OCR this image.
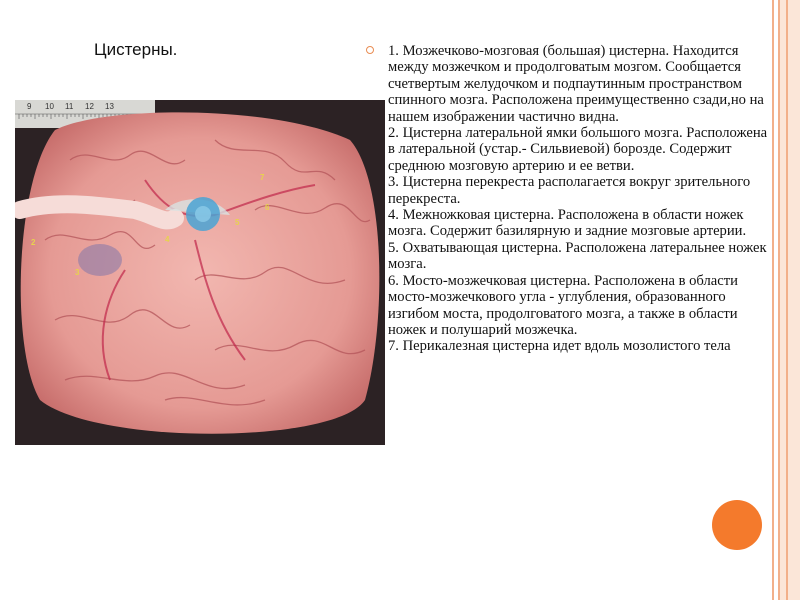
Цистерны.
9 10 11 12 13
2
3
4
5
6
7

1. Мозжечково-мозговая (большая) цистерна. Находится между мозжечком и продолговатым мозгом. Сообщается счетвертым желудочком и подпаутинным пространством спинного мозга. Расположена преимущественно сзади,но на нашем изображении частично видна.

2. Цистерна латеральной ямки большого мозга. Расположена в латеральной (устар.- Сильвиевой) борозде. Содержит среднюю мозговую артерию и ее ветви.

3. Цистерна перекреста располагается вокруг зрительного перекреста.

4. Межножковая цистерна. Расположена в области ножек мозга. Содержит базилярную и задние мозговые артерии.

5. Охватывающая цистерна. Расположена латеральнее ножек мозга.

6. Мосто-мозжечковая цистерна. Расположена в области мосто-мозжечкового угла - углубления, образованного изгибом моста, продолговатого мозга, а также в области ножек и полушарий мозжечка.

7. Перикалезная цистерна идет вдоль мозолистого тела
